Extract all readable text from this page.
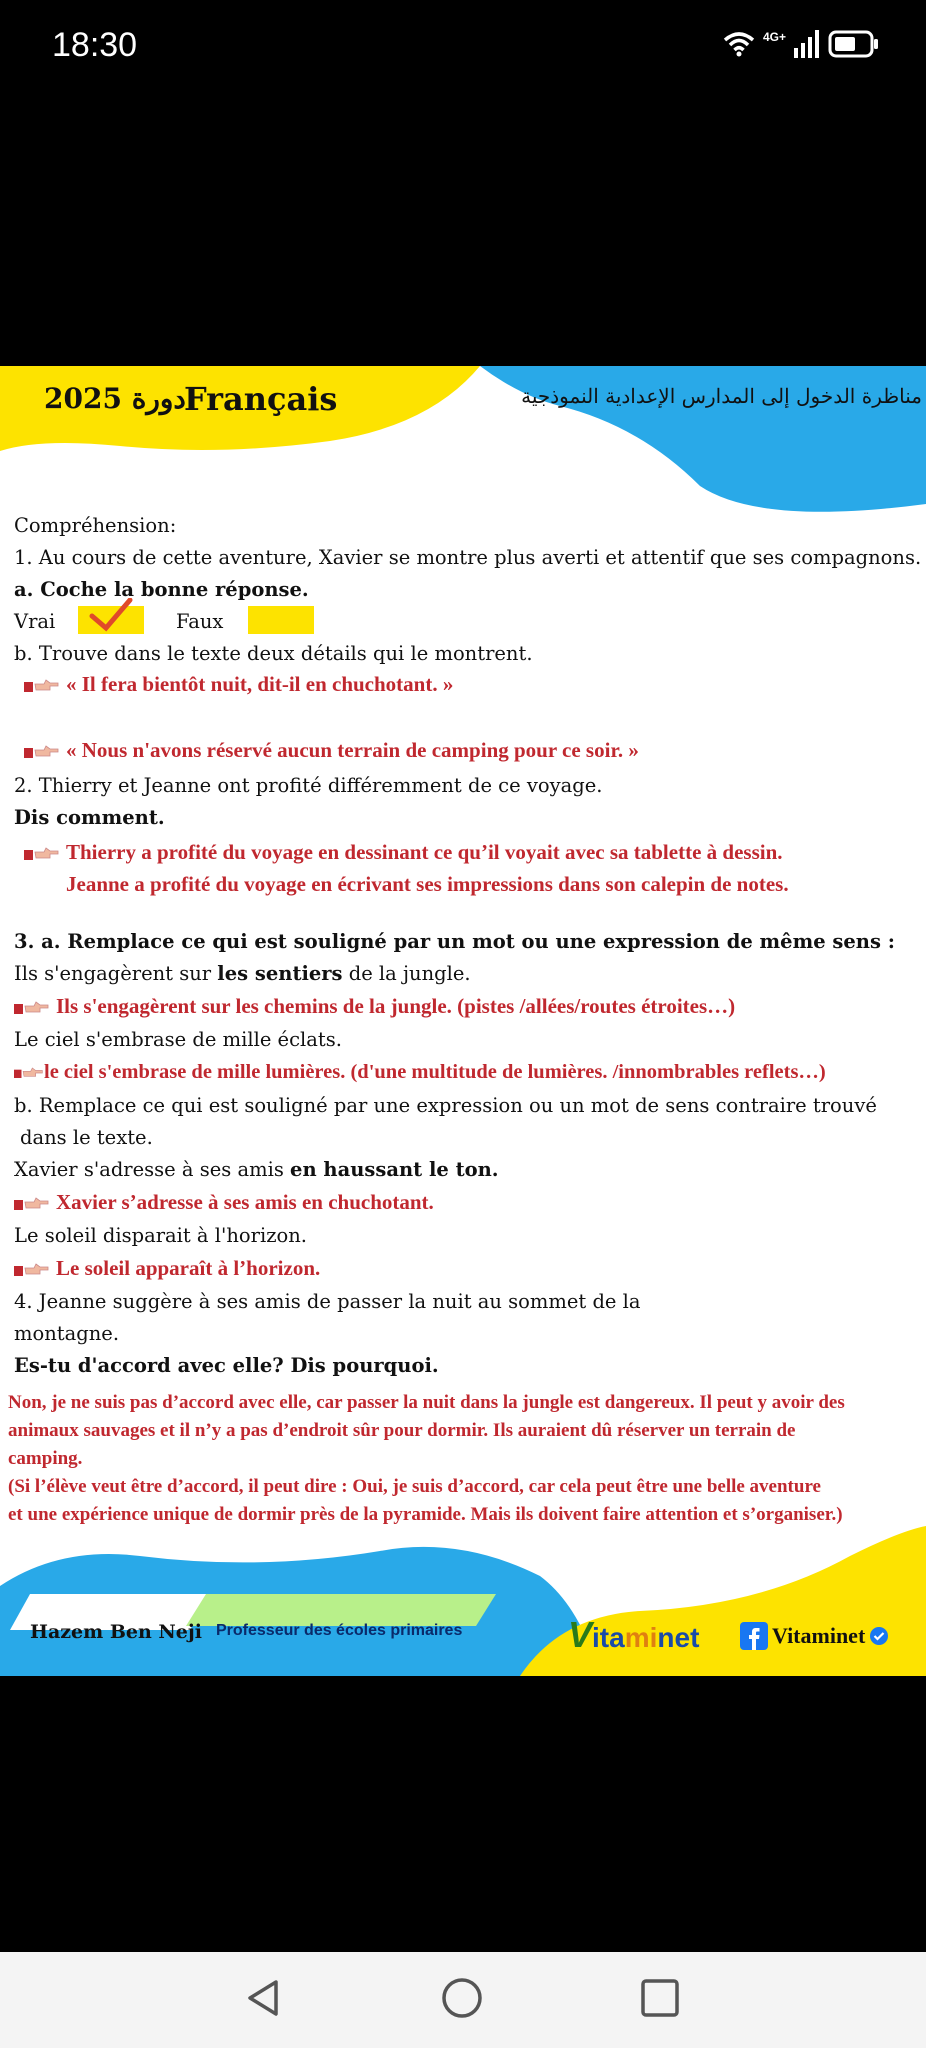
18:30	4G+
2025 دورة
Français	مناظرة الدخول إلى المدارس الإعدادية النموذجية
Compréhension:
1. Au cours de cette aventure, Xavier se montre plus averti et attentif que ses compagnons.
a. Coche la bonne réponse.
Vrai	Faux
b. Trouve dans le texte deux détails qui le montrent.
« Il fera bientôt nuit, dit-il en chuchotant. »
« Nous n'avons réservé aucun terrain de camping pour ce soir. »
2. Thierry et Jeanne ont profité différemment de ce voyage.
Dis comment.
Thierry a profité du voyage en dessinant ce qu’il voyait avec sa tablette à dessin.
Jeanne a profité du voyage en écrivant ses impressions dans son calepin de notes.
3. a. Remplace ce qui est souligné par un mot ou une expression de même sens :
Ils s'engagèrent sur les sentiers de la jungle.
Ils s'engagèrent sur les chemins de la jungle. (pistes /allées/routes étroites…)
Le ciel s'embrase de mille éclats.
le ciel s'embrase de mille lumières. (d'une multitude de lumières. /innombrables reflets…)
b. Remplace ce qui est souligné par une expression ou un mot de sens contraire trouvé
dans le texte.
Xavier s'adresse à ses amis en haussant le ton.
Xavier s’adresse à ses amis en chuchotant.
Le soleil disparait à l'horizon.
Le soleil apparaît à l’horizon.
4. Jeanne suggère à ses amis de passer la nuit au sommet de la
montagne.
Es-tu d'accord avec elle? Dis pourquoi.
Non, je ne suis pas d’accord avec elle, car passer la nuit dans la jungle est dangereux. Il peut y avoir des
animaux sauvages et il n’y a pas d’endroit sûr pour dormir. Ils auraient dû réserver un terrain de
camping.
(Si l’élève veut être d’accord, il peut dire : Oui, je suis d’accord, car cela peut être une belle aventure
et une expérience unique de dormir près de la pyramide. Mais ils doivent faire attention et s’organiser.)
Hazem Ben Neji Professeur des écoles primaires	Vitaminet	Vitaminet
